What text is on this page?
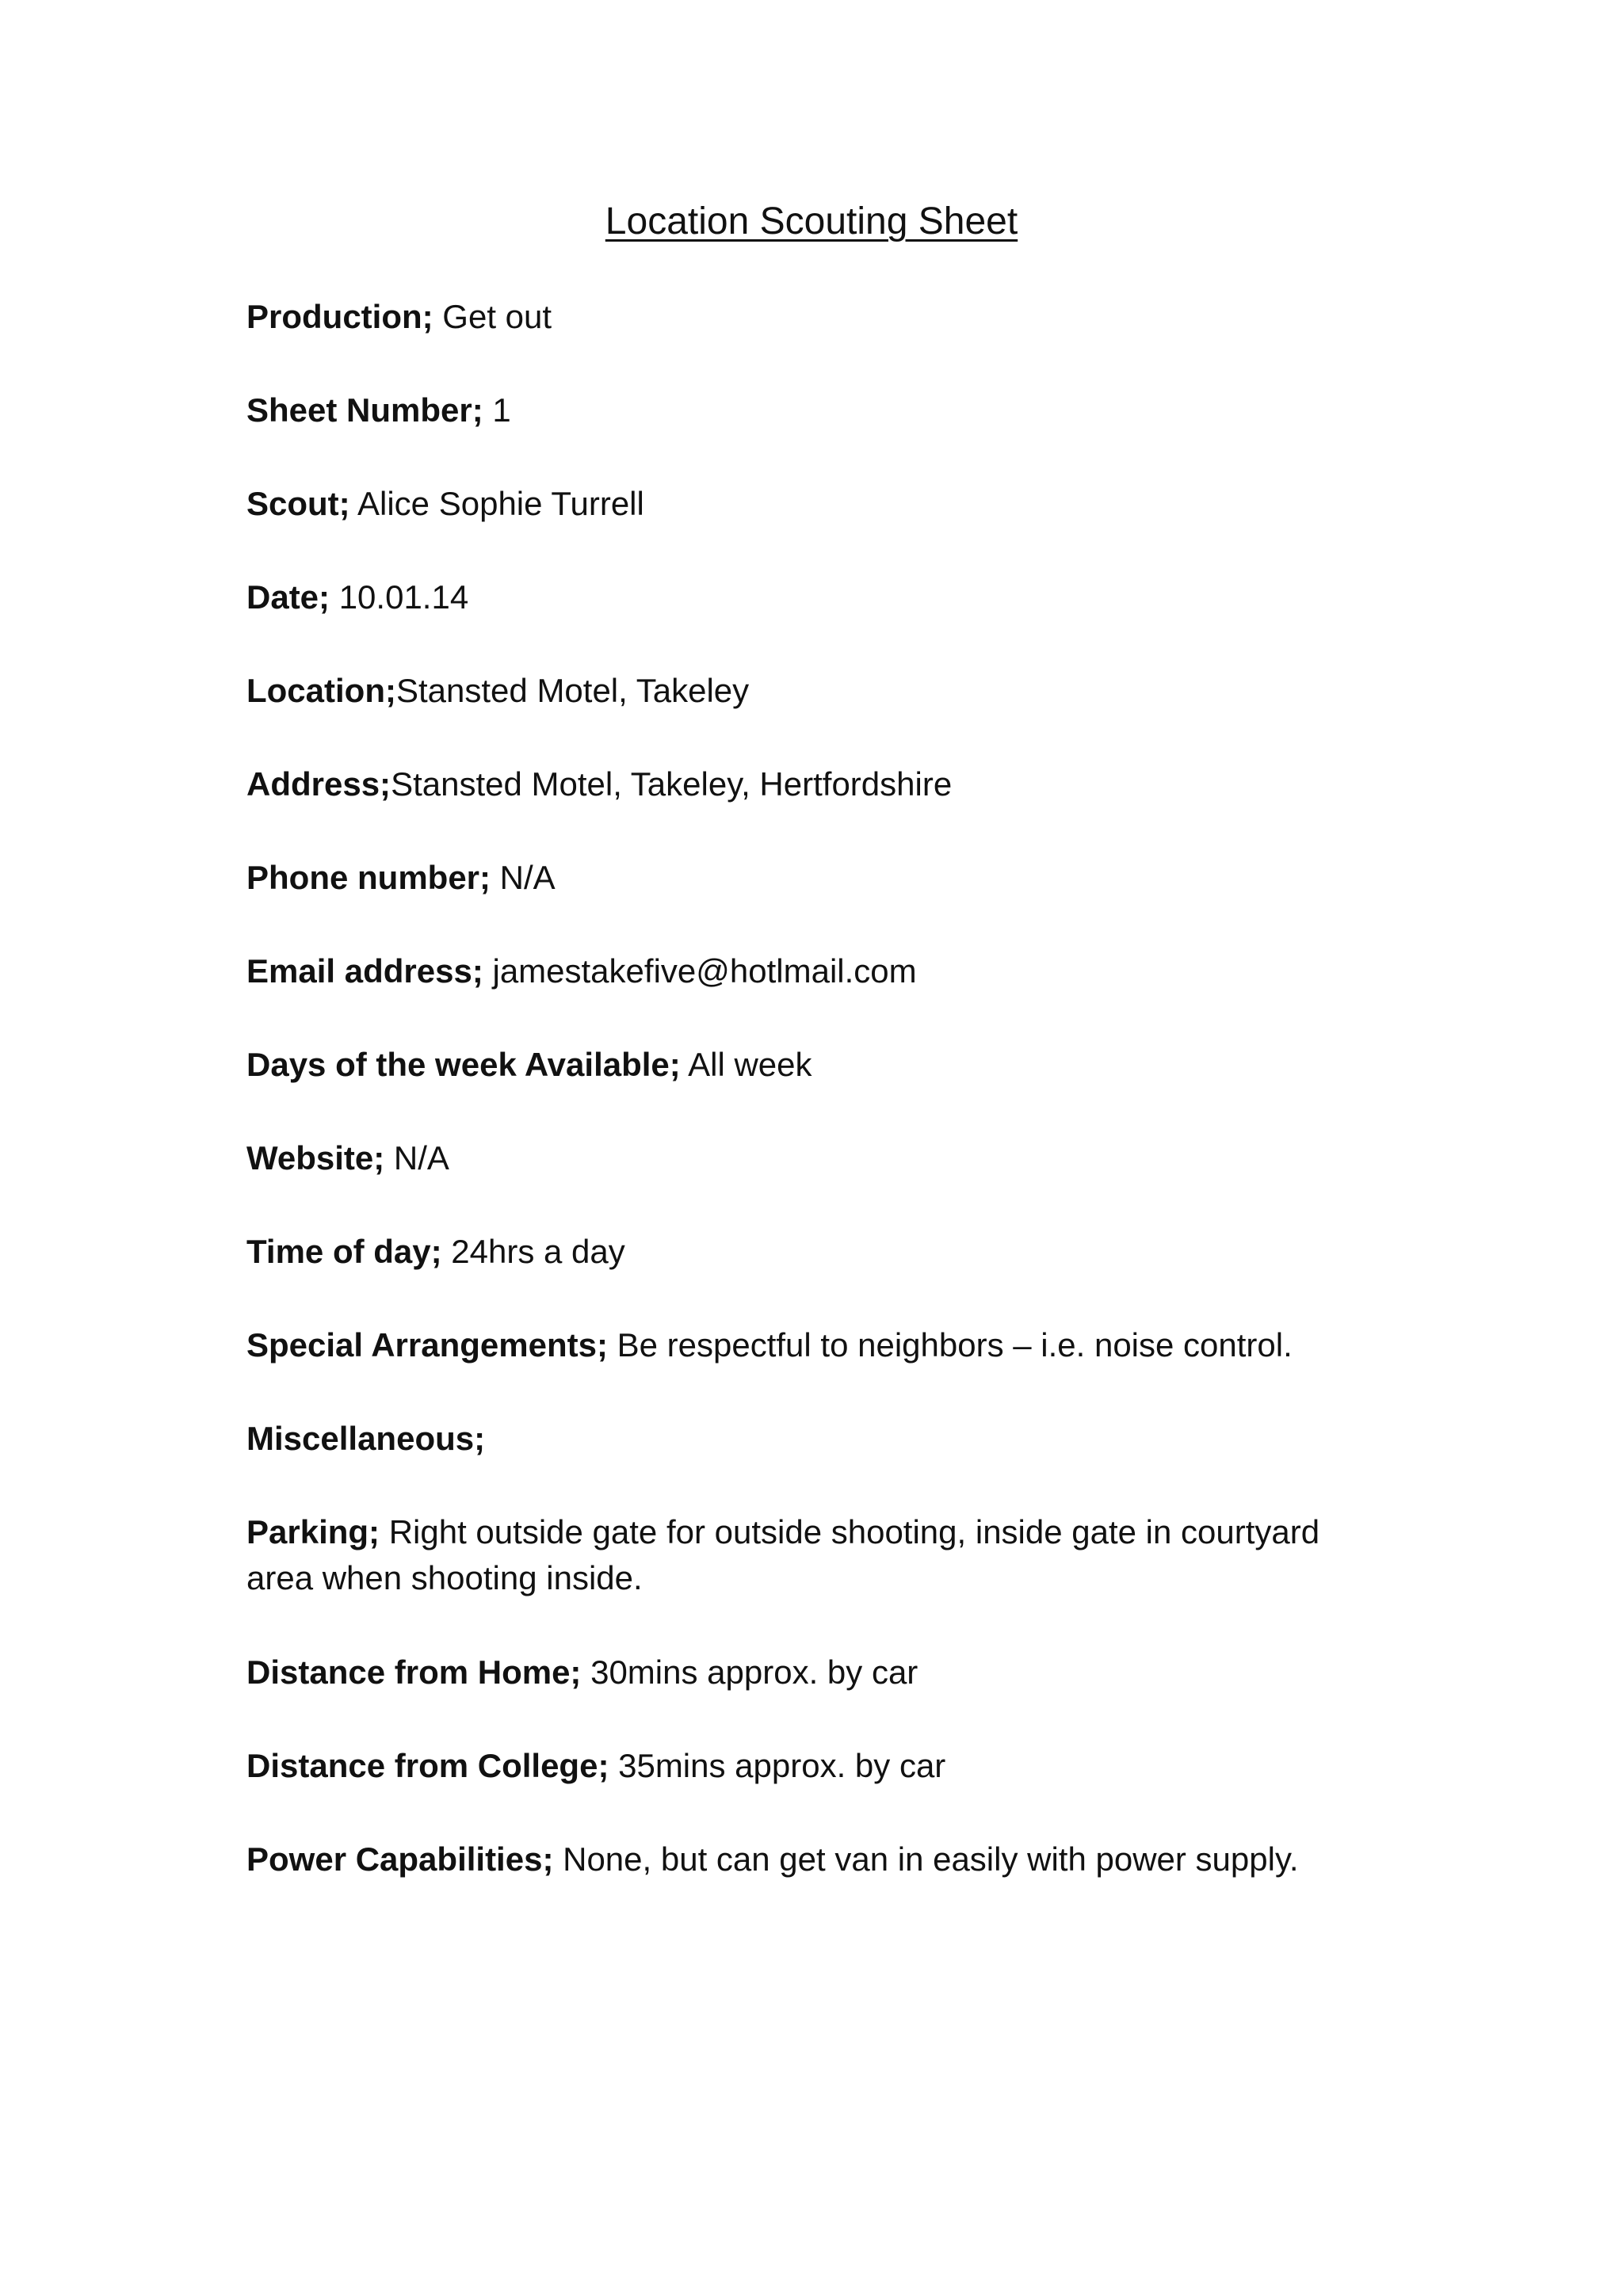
Location Scouting Sheet
Production; Get out
Sheet Number; 1
Scout; Alice Sophie Turrell
Date; 10.01.14
Location;Stansted Motel, Takeley
Address;Stansted Motel, Takeley, Hertfordshire
Phone number; N/A
Email address; jamestakefive@hotlmail.com
Days of the week Available; All week
Website; N/A
Time of day; 24hrs a day
Special Arrangements; Be respectful to neighbors – i.e. noise control.
Miscellaneous;
Parking; Right outside gate for outside shooting, inside gate in courtyard area when shooting inside.
Distance from Home; 30mins approx. by car
Distance from College; 35mins approx. by car
Power Capabilities; None, but can get van in easily with power supply.
